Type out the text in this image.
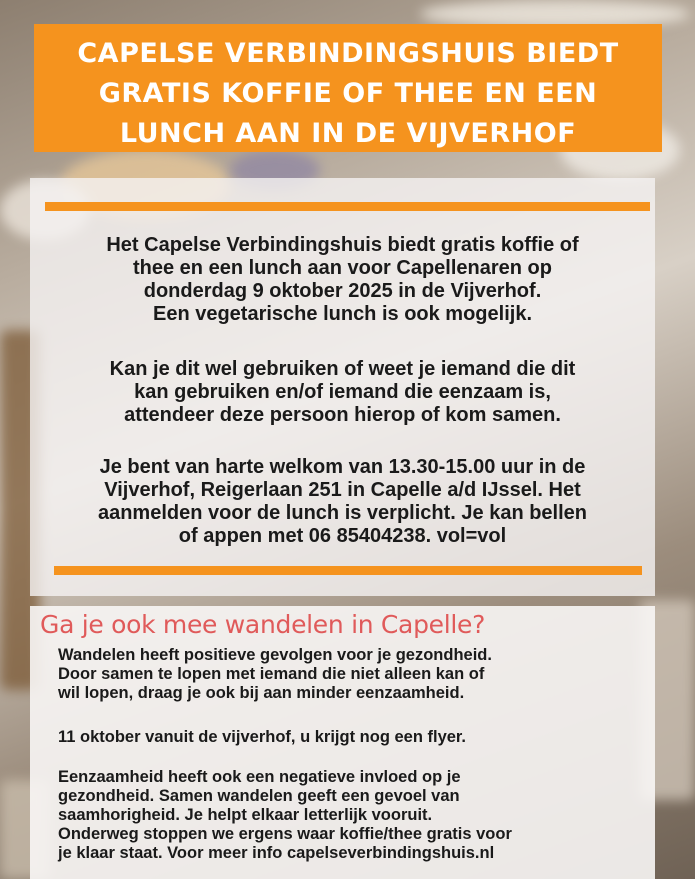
CAPELSE VERBINDINGSHUIS BIEDT
GRATIS KOFFIE OF THEE EN EEN
LUNCH AAN IN DE VIJVERHOF
Het Capelse Verbindingshuis biedt gratis koffie of
thee en een lunch aan voor Capellenaren op
donderdag 9 oktober 2025 in de Vijverhof.
Een vegetarische lunch is ook mogelijk.
Kan je dit wel gebruiken of weet je iemand die dit
kan gebruiken en/of iemand die eenzaam is,
attendeer deze persoon hierop of kom samen.
Je bent van harte welkom van 13.30-15.00 uur in de
Vijverhof, Reigerlaan 251 in Capelle a/d IJssel. Het
aanmelden voor de lunch is verplicht. Je kan bellen
of appen met 06 85404238. vol=vol
Ga je ook mee wandelen in Capelle?
Wandelen heeft positieve gevolgen voor je gezondheid.
Door samen te lopen met iemand die niet alleen kan of
wil lopen, draag je ook bij aan minder eenzaamheid.
11 oktober vanuit de vijverhof, u krijgt nog een flyer.
Eenzaamheid heeft ook een negatieve invloed op je
gezondheid. Samen wandelen geeft een gevoel van
saamhorigheid. Je helpt elkaar letterlijk vooruit.
Onderweg stoppen we ergens waar koffie/thee gratis voor
je klaar staat. Voor meer info capelseverbindingshuis.nl
